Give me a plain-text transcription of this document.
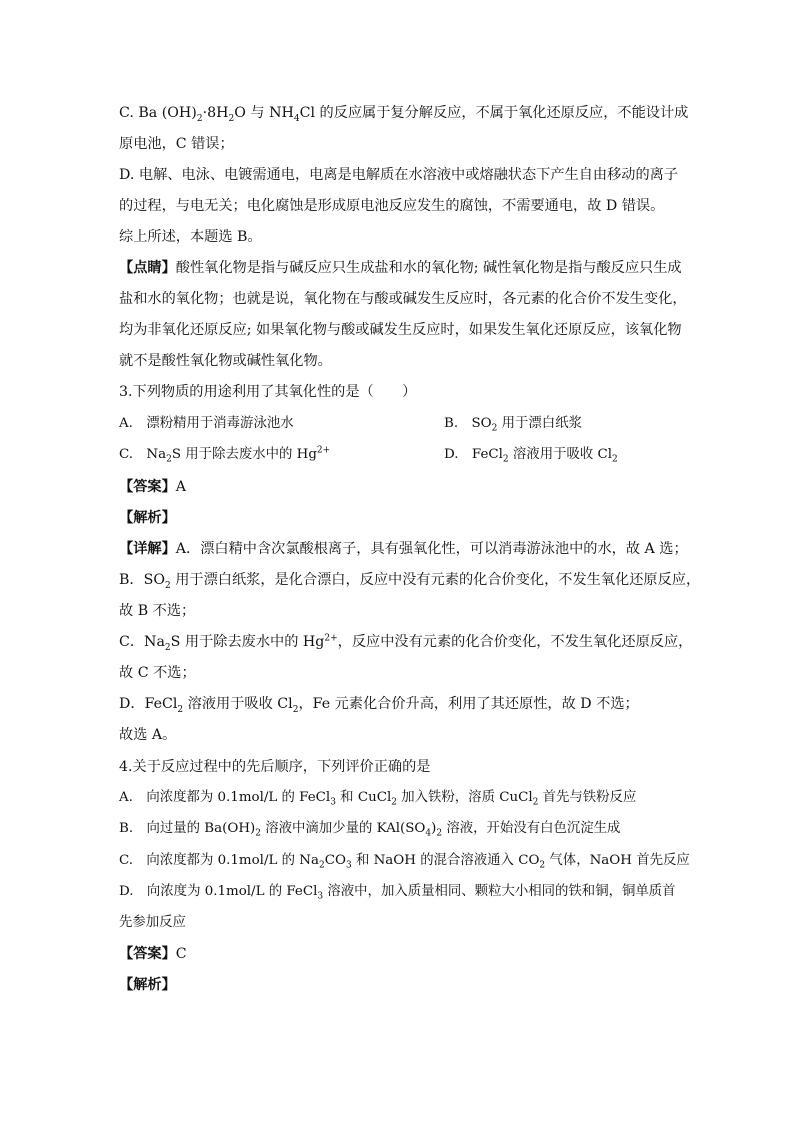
C. Ba $(OH)_2\cdot 8H_2O$ 与 $NH_4Cl$ 的反应属于复分解反应，不属于氧化还原反应，不能设计成

原电池，C 错误；

D. 电解、电泳、电镀需通电，电离是电解质在水溶液中或熔融状态下产生自由移动的离子

的过程，与电无关；电化腐蚀是形成原电池反应发生的腐蚀，不需要通电，故 D 错误。

综上所述，本题选 B。

【点睛】酸性氧化物是指与碱反应只生成盐和水的氧化物; 碱性氧化物是指与酸反应只生成

盐和水的氧化物；也就是说，氧化物在与酸或碱发生反应时，各元素的化合价不发生变化，

均为非氧化还原反应; 如果氧化物与酸或碱发生反应时，如果发生氧化还原反应，该氧化物

就不是酸性氧化物或碱性氧化物。

3.下列物质的用途利用了其氧化性的是（　　）

A.　漂粉精用于消毒游泳池水	B.　$SO_2$ 用于漂白纸浆

C.　$Na_2S$ 用于除去废水中的 $Hg^{2+}$	D.　FeCl$_2$ 溶液用于吸收 $Cl_2$

【答案】A

【解析】

【详解】A．漂白精中含次氯酸根离子，具有强氧化性，可以消毒游泳池中的水，故 A 选；

B．$SO_2$ 用于漂白纸浆，是化合漂白，反应中没有元素的化合价变化，不发生氧化还原反应，

故 B 不选；

C．$Na_2S$ 用于除去废水中的 $Hg^{2+}$，反应中没有元素的化合价变化，不发生氧化还原反应，

故 C 不选；

D．FeCl$_2$ 溶液用于吸收 $Cl_2$，Fe 元素化合价升高，利用了其还原性，故 D 不选；

故选 A。

4.关于反应过程中的先后顺序，下列评价正确的是

A.　向浓度都为 0.1mol/L 的 FeCl$_3$ 和 CuCl$_2$ 加入铁粉，溶质 CuCl$_2$ 首先与铁粉反应

B.　向过量的 $Ba(OH)_2$ 溶液中滴加少量的 $KAl(SO_4)_2$ 溶液，开始没有白色沉淀生成

C.　向浓度都为 0.1mol/L 的 $Na_2CO_3$ 和 NaOH 的混合溶液通入 $CO_2$ 气体，NaOH 首先反应

D.　向浓度为 0.1mol/L 的 FeCl$_3$ 溶液中，加入质量相同、颗粒大小相同的铁和铜，铜单质首

先参加反应

【答案】C

【解析】
